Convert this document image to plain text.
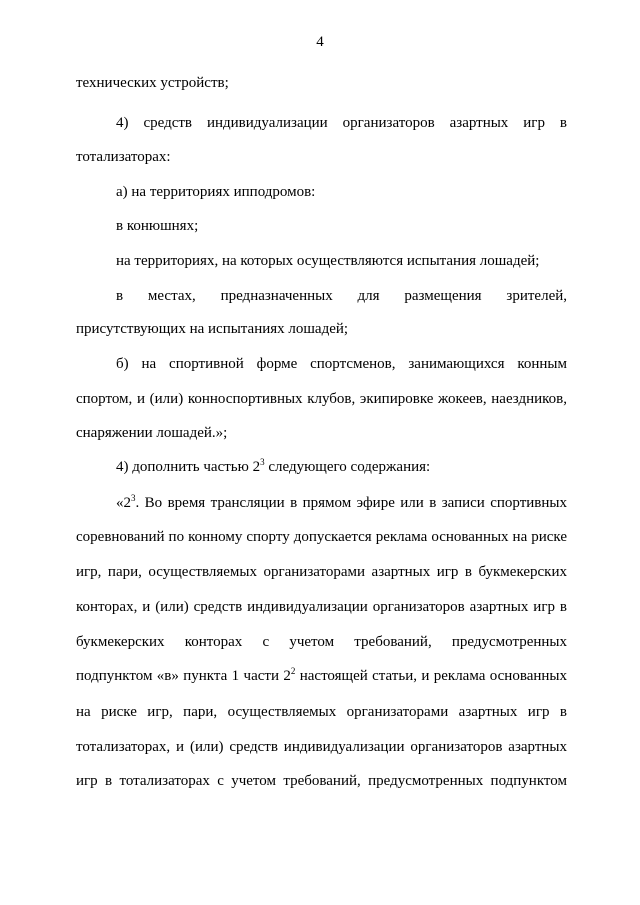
4
технических устройств;
4) средств индивидуализации организаторов азартных игр в
тотализаторах:
а) на территориях ипподромов:
в конюшнях;
на территориях, на которых осуществляются испытания лошадей;
в местах, предназначенных для размещения зрителей,
присутствующих на испытаниях лошадей;
б) на спортивной форме спортсменов, занимающихся конным
спортом, и (или) конноспортивных клубов, экипировке жокеев, наездников,
снаряжении лошадей.»;
4) дополнить частью $2^3$ следующего содержания:
«$2^3$. Во время трансляции в прямом эфире или в записи спортивных
соревнований по конному спорту допускается реклама основанных на риске
игр, пари, осуществляемых организаторами азартных игр в букмекерских
конторах, и (или) средств индивидуализации организаторов азартных игр в
букмекерских конторах с учетом требований, предусмотренных
подпунктом «в» пункта 1 части $2^2$ настоящей статьи, и реклама основанных
на риске игр, пари, осуществляемых организаторами азартных игр в
тотализаторах, и (или) средств индивидуализации организаторов азартных
игр в тотализаторах с учетом требований, предусмотренных подпунктом
